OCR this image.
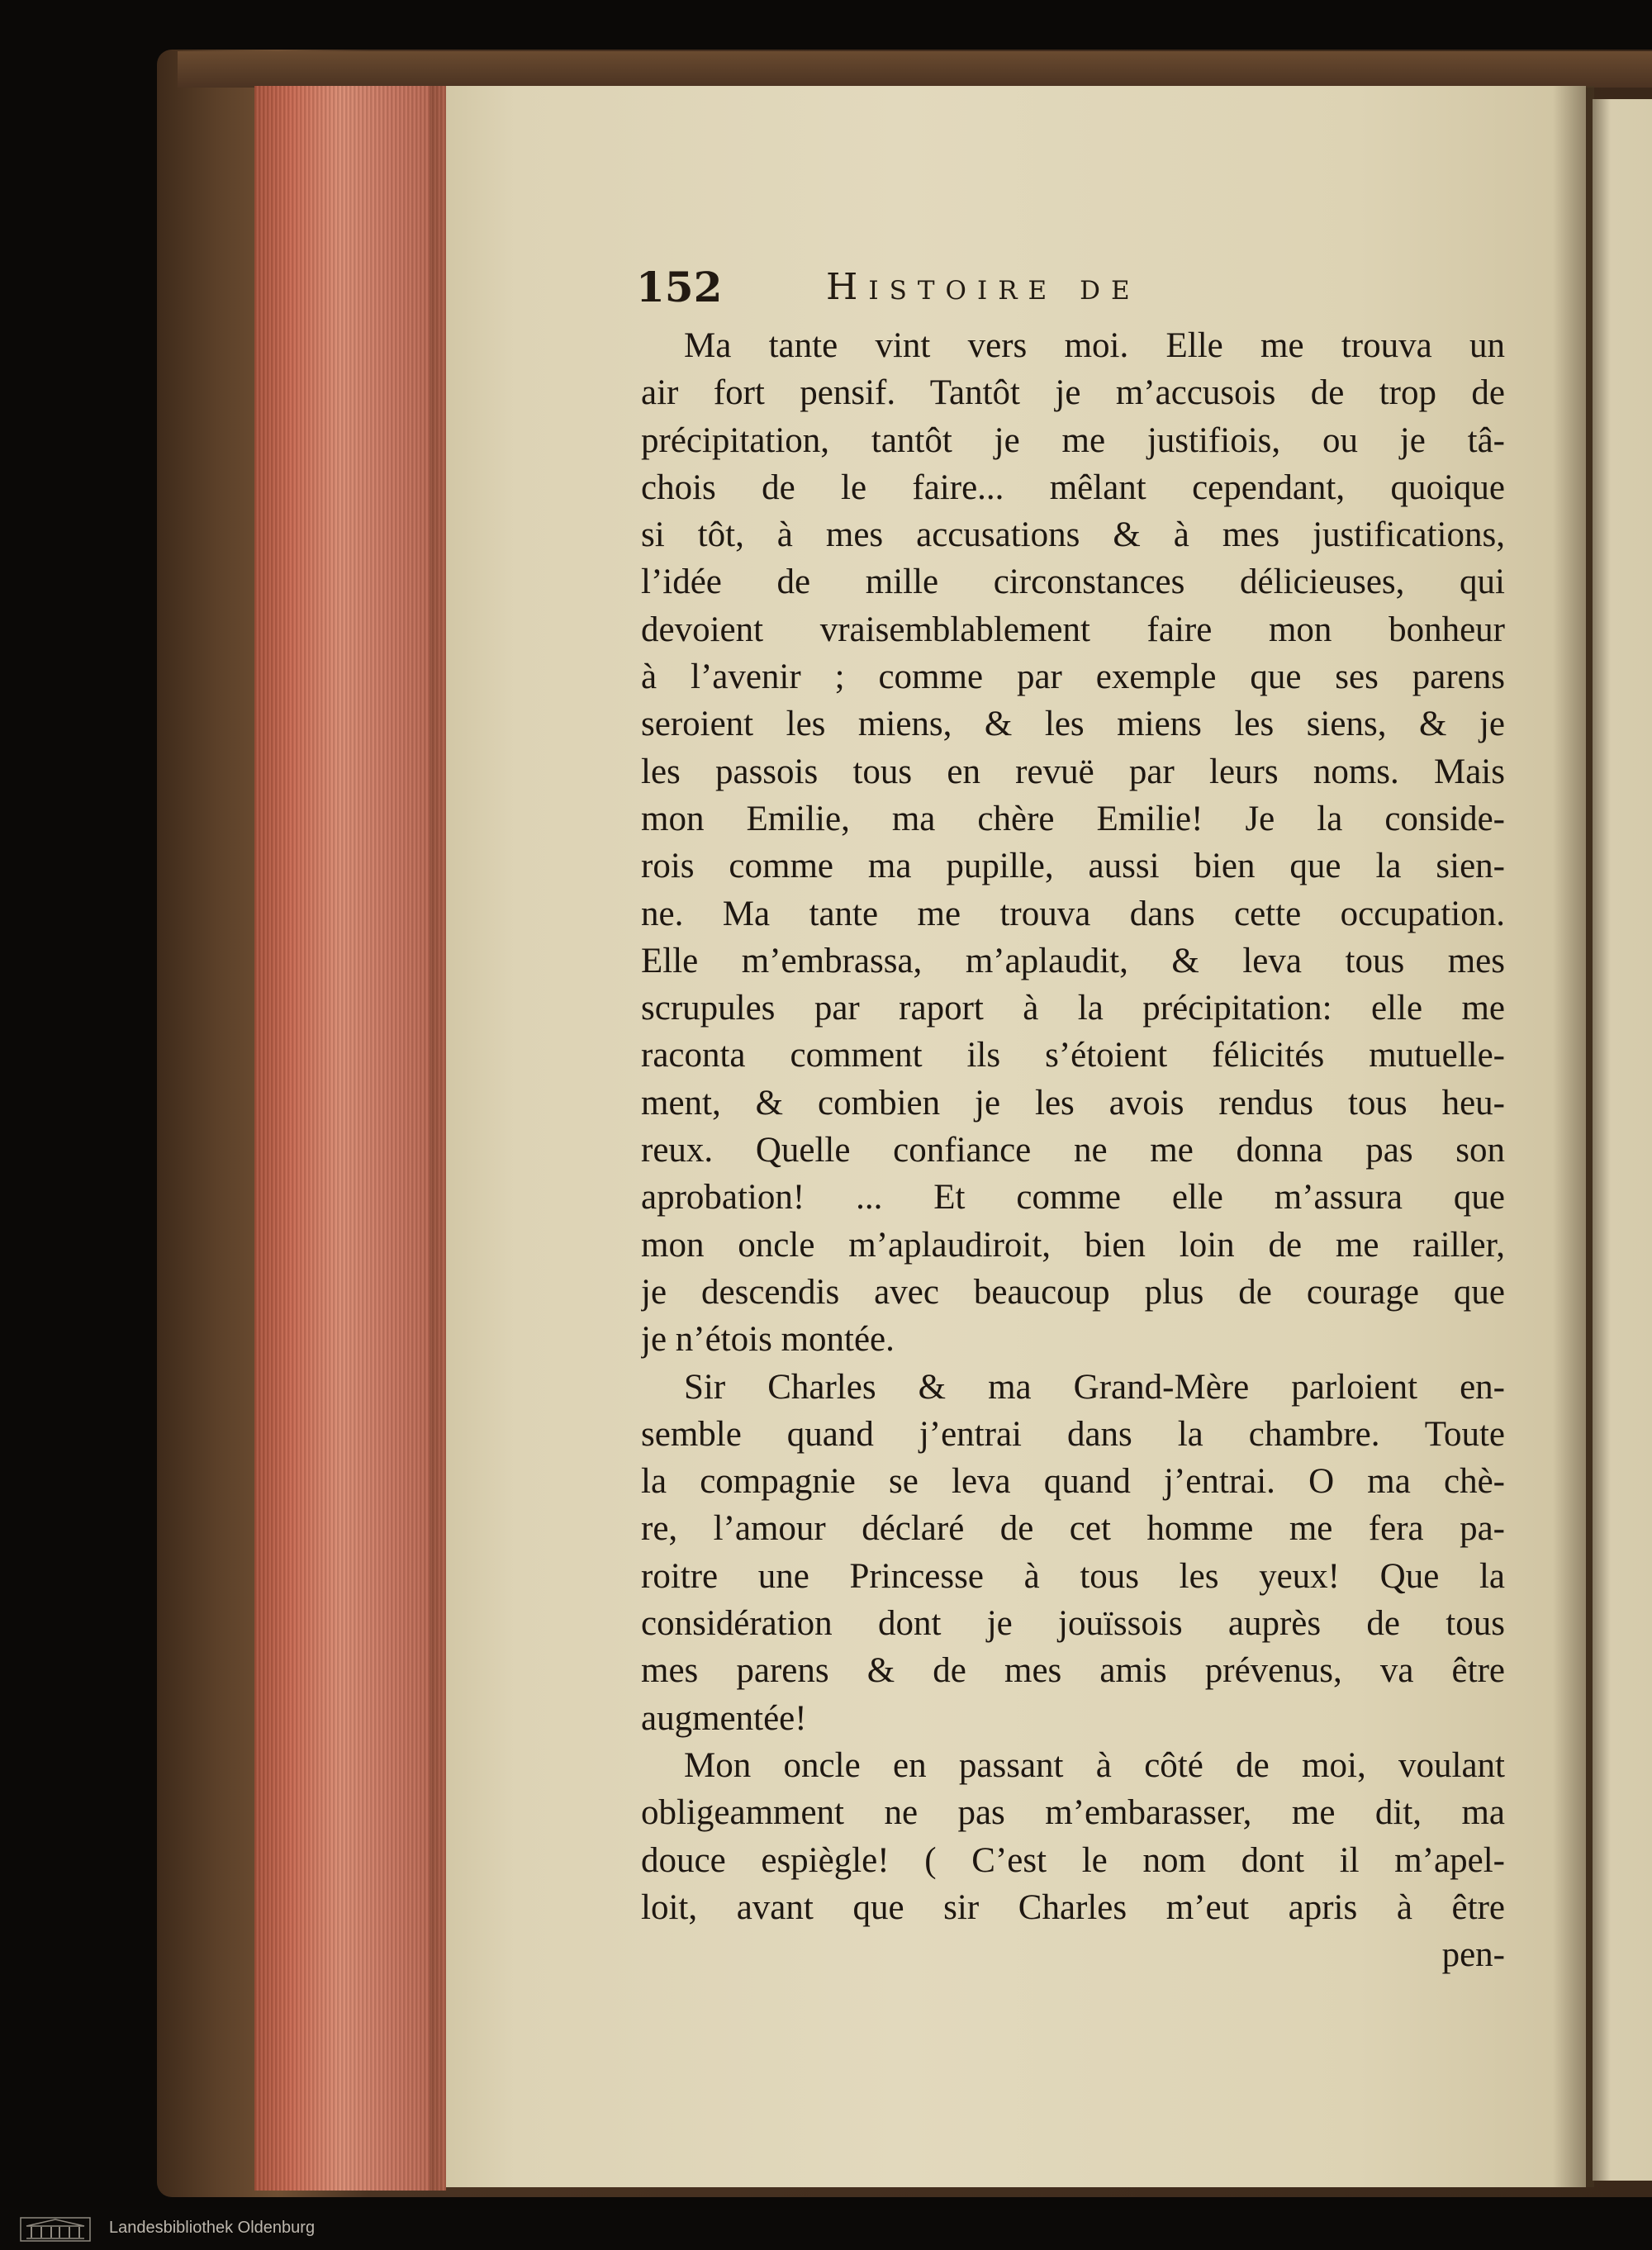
152	Histoire de
Ma tante vint vers moi. Elle me trouva un
air fort pensif. Tantôt je m’accusois de trop de
précipitation, tantôt je me justifiois, ou je tâ-
chois de le faire... mêlant cependant, quoique
si tôt, à mes accusations & à mes justifications,
l’idée de mille circonstances délicieuses, qui
devoient vraisemblablement faire mon bonheur
à l’avenir ; comme par exemple que ses parens
seroient les miens, & les miens les siens, & je
les passois tous en revuë par leurs noms. Mais
mon Emilie, ma chère Emilie! Je la conside-
rois comme ma pupille, aussi bien que la sien-
ne. Ma tante me trouva dans cette occupation.
Elle m’embrassa, m’aplaudit, & leva tous mes
scrupules par raport à la précipitation: elle me
raconta comment ils s’étoient félicités mutuelle-
ment, & combien je les avois rendus tous heu-
reux. Quelle confiance ne me donna pas son
aprobation! ... Et comme elle m’assura que
mon oncle m’aplaudiroit, bien loin de me railler,
je descendis avec beaucoup plus de courage que
je n’étois montée.
Sir Charles & ma Grand-Mère parloient en-
semble quand j’entrai dans la chambre. Toute
la compagnie se leva quand j’entrai. O ma chè-
re, l’amour déclaré de cet homme me fera pa-
roitre une Princesse à tous les yeux! Que la
considération dont je jouïssois auprès de tous
mes parens & de mes amis prévenus, va être
augmentée!
Mon oncle en passant à côté de moi, voulant
obligeamment ne pas m’embarasser, me dit, ma
douce espiègle! ( C’est le nom dont il m’apel-
loit, avant que sir Charles m’eut apris à être
pen-
Landesbibliothek Oldenburg
